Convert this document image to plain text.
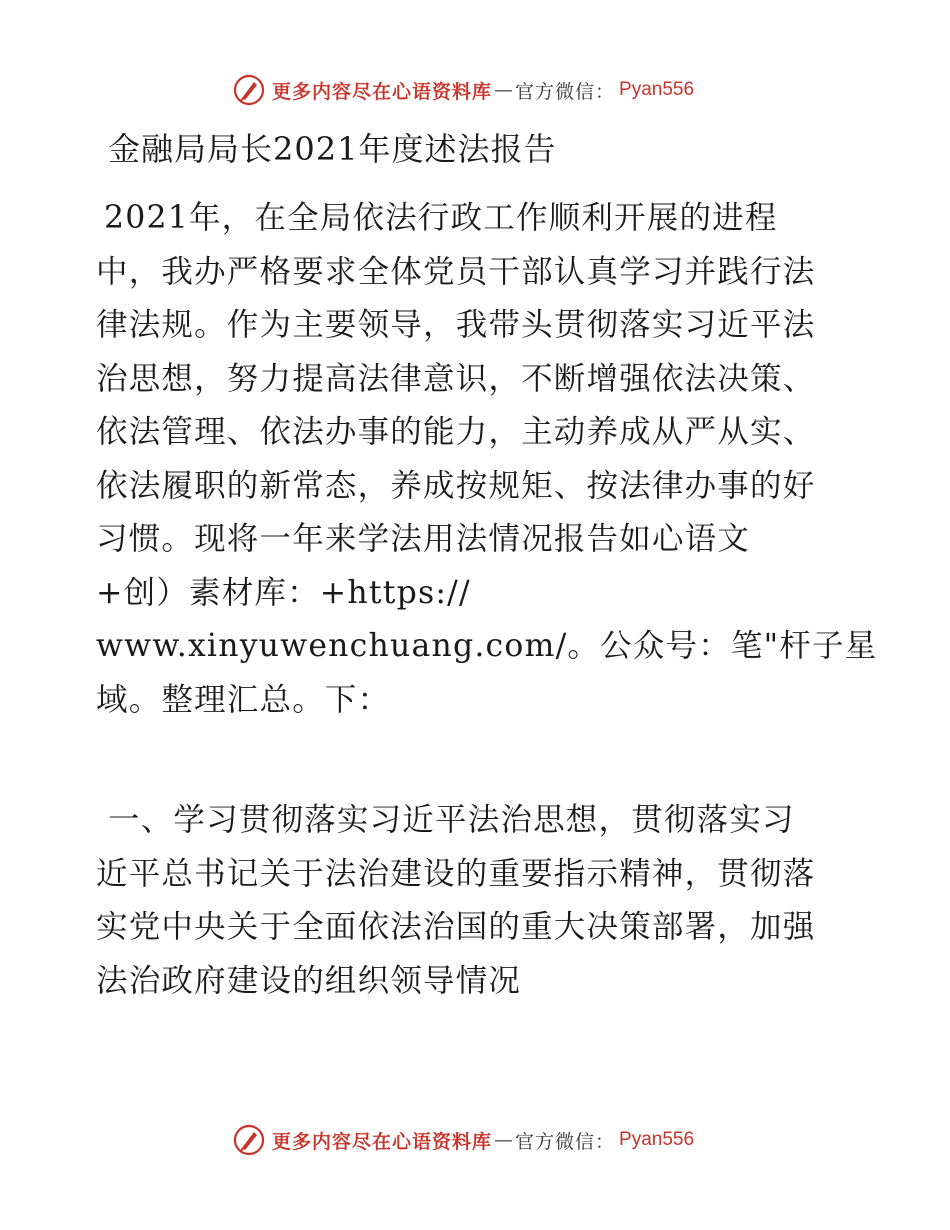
更多内容尽在心语资料库 — 官方微信： Pyan556
金融局局长2021年度述法报告
2021年，在全局依法行政工作顺利开展的进程
中，我办严格要求全体党员干部认真学习并践行法
律法规。作为主要领导，我带头贯彻落实习近平法
治思想，努力提高法律意识，不断增强依法决策、
依法管理、依法办事的能力，主动养成从严从实、
依法履职的新常态，养成按规矩、按法律办事的好
习惯。现将一年来学法用法情况报告如心语文
+创）素材库：+https://
www.xinyuwenchuang.com/。公众号：笔"杆子星
域。整理汇总。下：
一、学习贯彻落实习近平法治思想，贯彻落实习
近平总书记关于法治建设的重要指示精神，贯彻落
实党中央关于全面依法治国的重大决策部署，加强
法治政府建设的组织领导情况
更多内容尽在心语资料库 — 官方微信： Pyan556
